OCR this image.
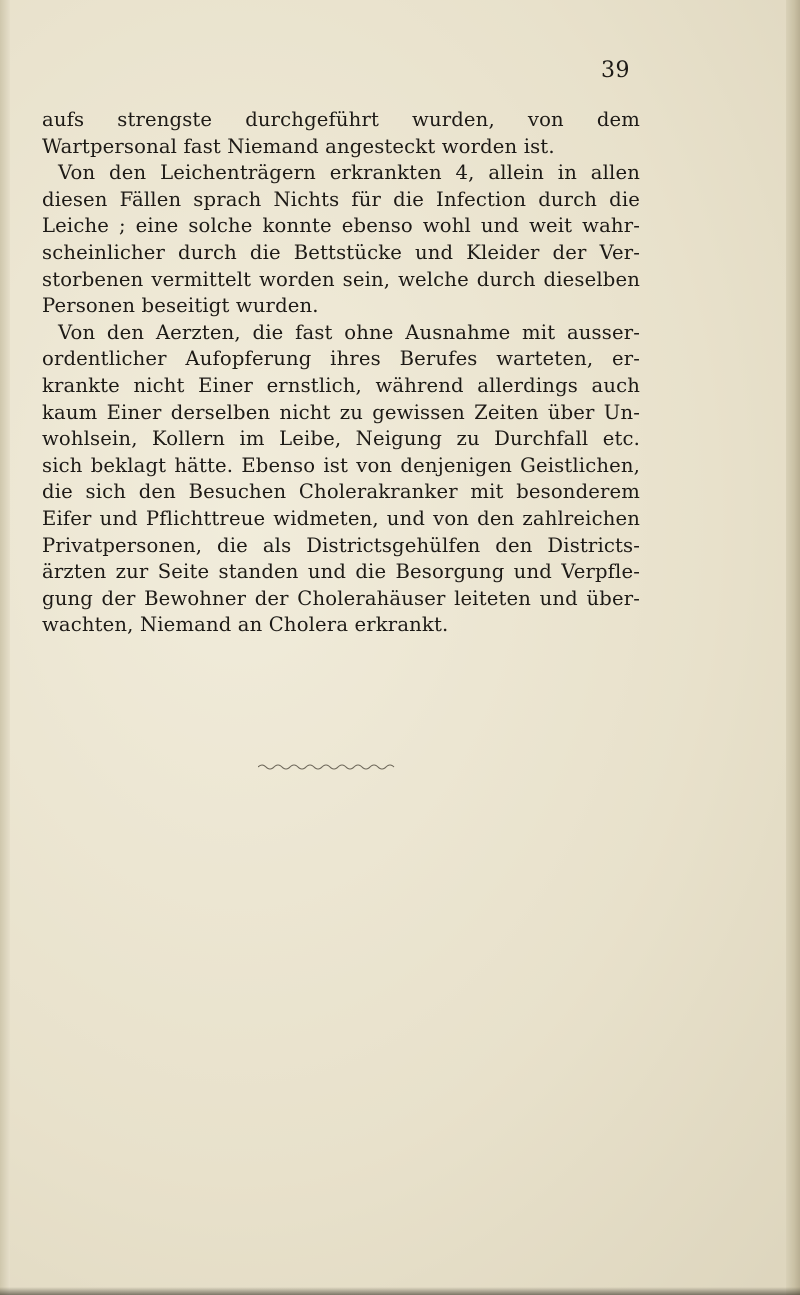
39
aufs strengste durchgeführt wurden, von dem
Wartpersonal fast Niemand angesteckt worden ist.
Von den Leichenträgern erkrankten 4, allein in allen
diesen Fällen sprach Nichts für die Infection durch die
Leiche ; eine solche konnte ebenso wohl und weit wahr-
scheinlicher durch die Bettstücke und Kleider der Ver-
storbenen vermittelt worden sein, welche durch dieselben
Personen beseitigt wurden.
Von den Aerzten, die fast ohne Ausnahme mit ausser-
ordentlicher Aufopferung ihres Berufes warteten, er-
krankte nicht Einer ernstlich, während allerdings auch
kaum Einer derselben nicht zu gewissen Zeiten über Un-
wohlsein, Kollern im Leibe, Neigung zu Durchfall etc.
sich beklagt hätte. Ebenso ist von denjenigen Geistlichen,
die sich den Besuchen Cholerakranker mit besonderem
Eifer und Pflichttreue widmeten, und von den zahlreichen
Privatpersonen, die als Districtsgehülfen den Districts-
ärzten zur Seite standen und die Besorgung und Verpfle-
gung der Bewohner der Cholerahäuser leiteten und über-
wachten, Niemand an Cholera erkrankt.
